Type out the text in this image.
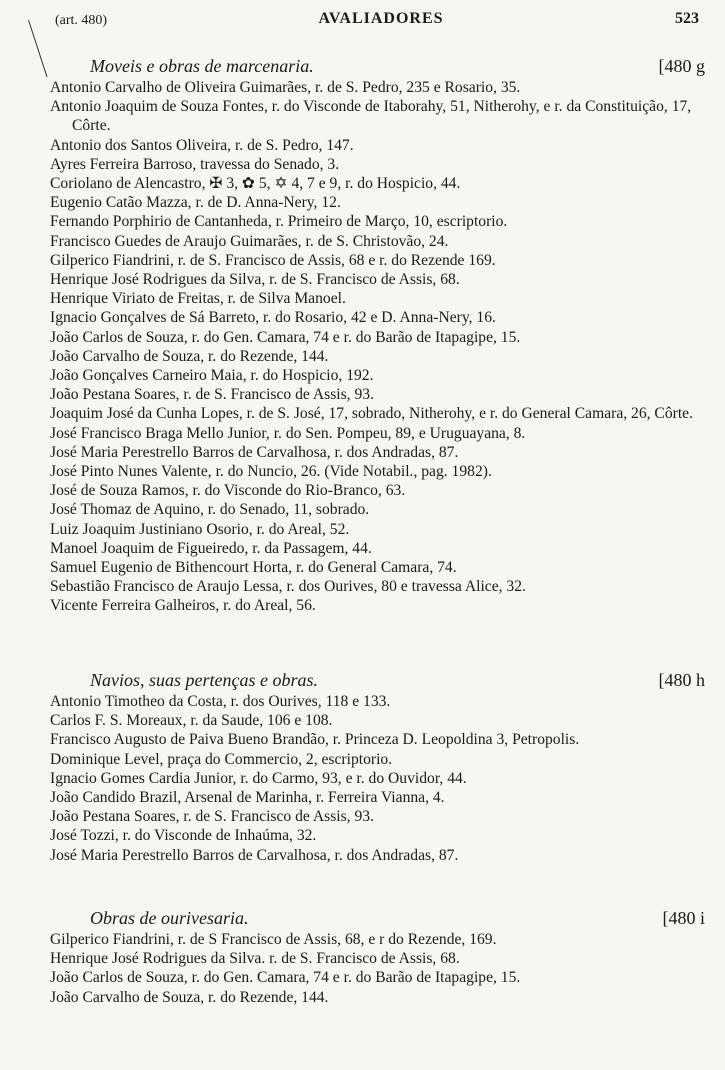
(art. 480)	AVALIADORES	523
Moveis e obras de marcenaria.	[480 g
Antonio Carvalho de Oliveira Guimarães, r. de S. Pedro, 235 e Rosario, 35.
Antonio Joaquim de Souza Fontes, r. do Visconde de Itaborahy, 51, Nitherohy, e r. da Constituição, 17, Côrte.
Antonio dos Santos Oliveira, r. de S. Pedro, 147.
Ayres Ferreira Barroso, travessa do Senado, 3.
Coriolano de Alencastro, ✠ 3, ✿ 5, ✡ 4, 7 e 9, r. do Hospicio, 44.
Eugenio Catão Mazza, r. de D. Anna-Nery, 12.
Fernando Porphirio de Cantanheda, r. Primeiro de Março, 10, escriptorio.
Francisco Guedes de Araujo Guimarães, r. de S. Christovão, 24.
Gilperico Fiandrini, r. de S. Francisco de Assis, 68 e r. do Rezende 169.
Henrique José Rodrigues da Silva, r. de S. Francisco de Assis, 68.
Henrique Viriato de Freitas, r. de Silva Manoel.
Ignacio Gonçalves de Sá Barreto, r. do Rosario, 42 e D. Anna-Nery, 16.
João Carlos de Souza, r. do Gen. Camara, 74 e r. do Barão de Itapagipe, 15.
João Carvalho de Souza, r. do Rezende, 144.
João Gonçalves Carneiro Maia, r. do Hospicio, 192.
João Pestana Soares, r. de S. Francisco de Assis, 93.
Joaquim José da Cunha Lopes, r. de S. José, 17, sobrado, Nitherohy, e r. do General Camara, 26, Côrte.
José Francisco Braga Mello Junior, r. do Sen. Pompeu, 89, e Uruguayana, 8.
José Maria Perestrello Barros de Carvalhosa, r. dos Andradas, 87.
José Pinto Nunes Valente, r. do Nuncio, 26. (Vide Notabil., pag. 1982).
José de Souza Ramos, r. do Visconde do Rio-Branco, 63.
José Thomaz de Aquino, r. do Senado, 11, sobrado.
Luiz Joaquim Justiniano Osorio, r. do Areal, 52.
Manoel Joaquim de Figueiredo, r. da Passagem, 44.
Samuel Eugenio de Bithencourt Horta, r. do General Camara, 74.
Sebastião Francisco de Araujo Lessa, r. dos Ourives, 80 e travessa Alice, 32.
Vicente Ferreira Galheiros, r. do Areal, 56.
Navios, suas pertenças e obras.	[480 h
Antonio Timotheo da Costa, r. dos Ourives, 118 e 133.
Carlos F. S. Moreaux, r. da Saude, 106 e 108.
Francisco Augusto de Paiva Bueno Brandão, r. Princeza D. Leopoldina 3, Petropolis.
Dominique Level, praça do Commercio, 2, escriptorio.
Ignacio Gomes Cardia Junior, r. do Carmo, 93, e r. do Ouvidor, 44.
João Candido Brazil, Arsenal de Marinha, r. Ferreira Vianna, 4.
João Pestana Soares, r. de S. Francisco de Assis, 93.
José Tozzi, r. do Visconde de Inhaúma, 32.
José Maria Perestrello Barros de Carvalhosa, r. dos Andradas, 87.
Obras de ourivesaria.	[480 i
Gilperico Fiandrini, r. de S Francisco de Assis, 68, e r do Rezende, 169.
Henrique José Rodrigues da Silva. r. de S. Francisco de Assis, 68.
João Carlos de Souza, r. do Gen. Camara, 74 e r. do Barão de Itapagipe, 15.
João Carvalho de Souza, r. do Rezende, 144.
